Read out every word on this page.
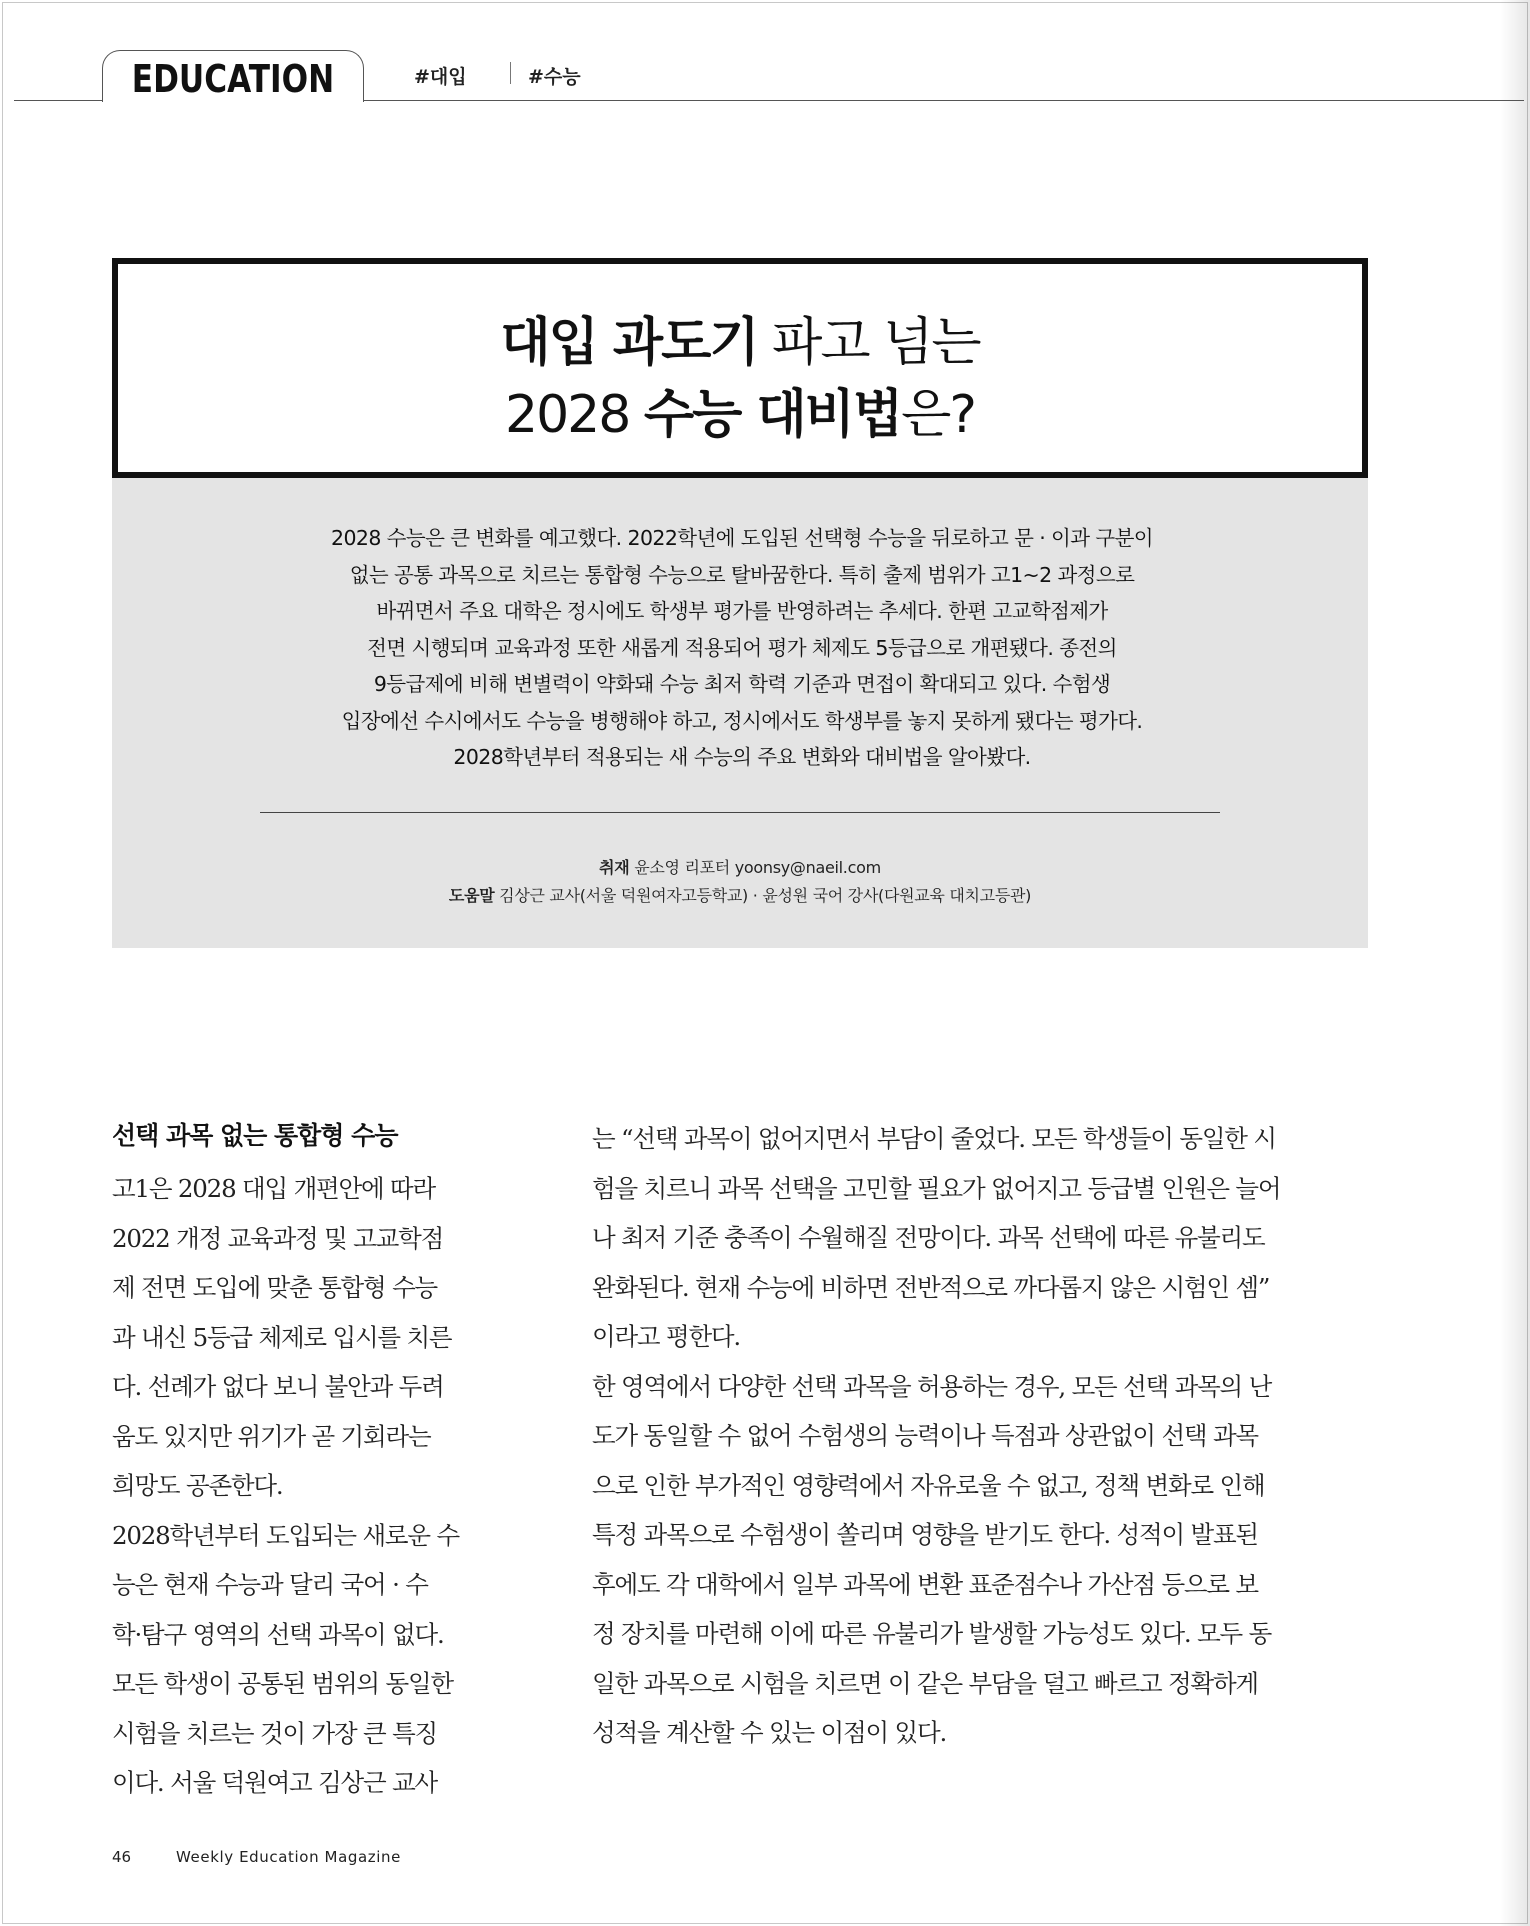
EDUCATION	#대입	#수능
대입 과도기 파고 넘는
2028 수능 대비법은?
2028 수능은 큰 변화를 예고했다. 2022학년에 도입된 선택형 수능을 뒤로하고 문 · 이과 구분이
없는 공통 과목으로 치르는 통합형 수능으로 탈바꿈한다. 특히 출제 범위가 고1~2 과정으로
바뀌면서 주요 대학은 정시에도 학생부 평가를 반영하려는 추세다. 한편 고교학점제가
전면 시행되며 교육과정 또한 새롭게 적용되어 평가 체제도 5등급으로 개편됐다. 종전의
9등급제에 비해 변별력이 약화돼 수능 최저 학력 기준과 면접이 확대되고 있다. 수험생
입장에선 수시에서도 수능을 병행해야 하고, 정시에서도 학생부를 놓지 못하게 됐다는 평가다.
2028학년부터 적용되는 새 수능의 주요 변화와 대비법을 알아봤다.
취재 윤소영 리포터 yoonsy@naeil.com
도움말 김상근 교사(서울 덕원여자고등학교) · 윤성원 국어 강사(다원교육 대치고등관)
선택 과목 없는 통합형 수능
고1은 2028 대입 개편안에 따라
2022 개정 교육과정 및 고교학점
제 전면 도입에 맞춘 통합형 수능
과 내신 5등급 체제로 입시를 치른
다. 선례가 없다 보니 불안과 두려
움도 있지만 위기가 곧 기회라는
희망도 공존한다.
2028학년부터 도입되는 새로운 수
능은 현재 수능과 달리 국어 · 수
학·탐구 영역의 선택 과목이 없다.
모든 학생이 공통된 범위의 동일한
시험을 치르는 것이 가장 큰 특징
이다. 서울 덕원여고 김상근 교사
는 “선택 과목이 없어지면서 부담이 줄었다. 모든 학생들이 동일한 시
험을 치르니 과목 선택을 고민할 필요가 없어지고 등급별 인원은 늘어
나 최저 기준 충족이 수월해질 전망이다. 과목 선택에 따른 유불리도
완화된다. 현재 수능에 비하면 전반적으로 까다롭지 않은 시험인 셈”
이라고 평한다.
한 영역에서 다양한 선택 과목을 허용하는 경우, 모든 선택 과목의 난
도가 동일할 수 없어 수험생의 능력이나 득점과 상관없이 선택 과목
으로 인한 부가적인 영향력에서 자유로울 수 없고, 정책 변화로 인해
특정 과목으로 수험생이 쏠리며 영향을 받기도 한다. 성적이 발표된
후에도 각 대학에서 일부 과목에 변환 표준점수나 가산점 등으로 보
정 장치를 마련해 이에 따른 유불리가 발생할 가능성도 있다. 모두 동
일한 과목으로 시험을 치르면 이 같은 부담을 덜고 빠르고 정확하게
성적을 계산할 수 있는 이점이 있다.
46	Weekly Education Magazine
